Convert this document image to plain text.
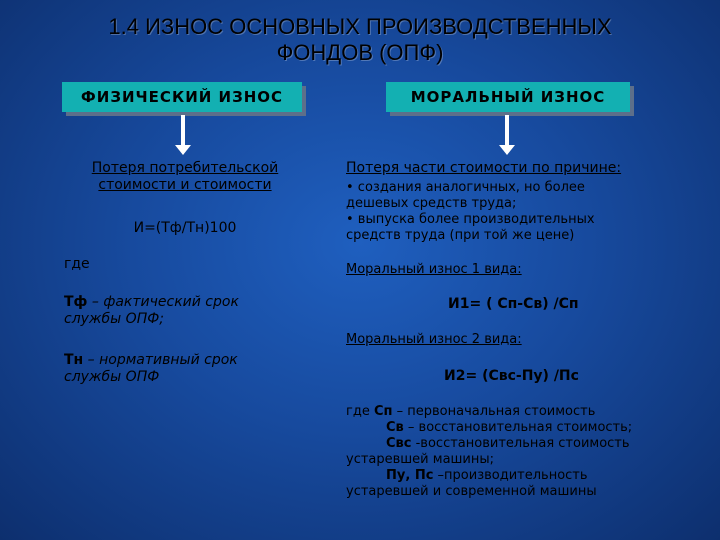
1.4 ИЗНОС ОСНОВНЫХ ПРОИЗВОДСТВЕННЫХ
ФОНДОВ (ОПФ)
ФИЗИЧЕСКИЙ ИЗНОС	МОРАЛЬНЫЙ ИЗНОС
Потеря потребительской
стоимости и стоимости
И=(Тф/Тн)100
где
Тф – фактический срок
службы ОПФ;
Тн – нормативный срок
службы ОПФ
Потеря части стоимости по причине:
• создания аналогичных, но более
дешевых средств труда;
• выпуска более производительных
средств труда (при той же цене)
Моральный износ 1 вида:
И1= ( Сп-Св) /Сп
Моральный износ 2 вида:
И2= (Свс-Пу) /Пс
где Сп – первоначальная стоимость
Св – восстановительная стоимость;
Свс -восстановительная стоимость
устаревшей машины;
Пу, Пс –производительность
устаревшей и современной машины
